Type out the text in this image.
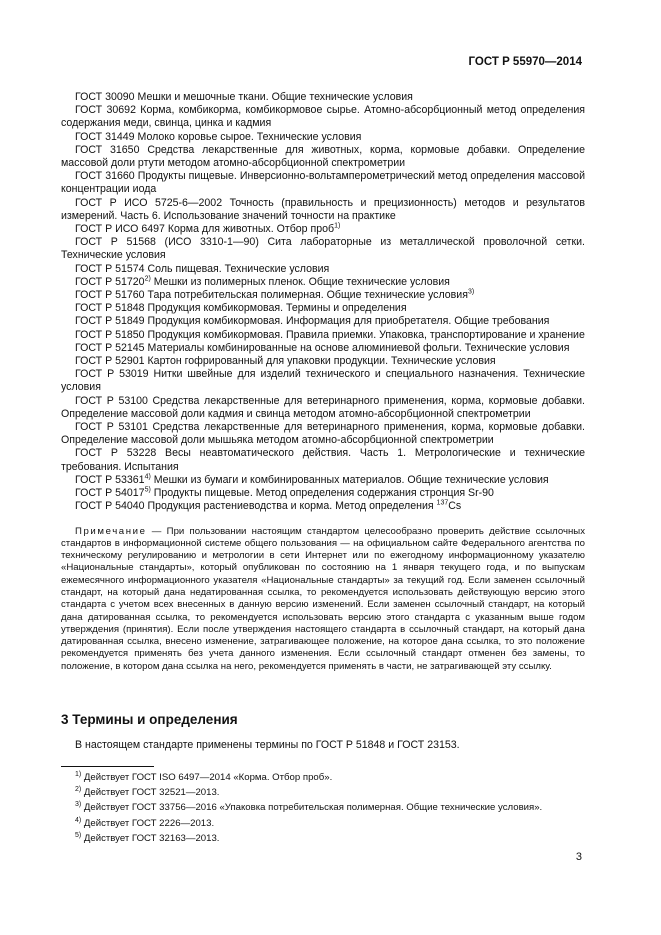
ГОСТ Р 55970—2014

ГОСТ 30090 Мешки и мешочные ткани. Общие технические условия

ГОСТ 30692 Корма, комбикорма, комбикормовое сырье. Атомно-абсорбционный метод определения содержания меди, свинца, цинка и кадмия

ГОСТ 31449 Молоко коровье сырое. Технические условия

ГОСТ 31650 Средства лекарственные для животных, корма, кормовые добавки. Определение массовой доли ртути методом атомно-абсорбционной спектрометрии

ГОСТ 31660 Продукты пищевые. Инверсионно-вольтамперометрический метод определения массовой концентрации иода

ГОСТ Р ИСО 5725-6—2002 Точность (правильность и прецизионность) методов и результатов измерений. Часть 6. Использование значений точности на практике

ГОСТ Р ИСО 6497 Корма для животных. Отбор проб$^{1)}$

ГОСТ Р 51568 (ИСО 3310-1—90) Сита лабораторные из металлической проволочной сетки. Технические условия

ГОСТ Р 51574 Соль пищевая. Технические условия

ГОСТ Р 51720$^{2)}$ Мешки из полимерных пленок. Общие технические условия

ГОСТ Р 51760 Тара потребительская полимерная. Общие технические условия$^{3)}$

ГОСТ Р 51848 Продукция комбикормовая. Термины и определения

ГОСТ Р 51849 Продукция комбикормовая. Информация для приобретателя. Общие требования

ГОСТ Р 51850 Продукция комбикормовая. Правила приемки. Упаковка, транспортирование и хранение

ГОСТ Р 52145 Материалы комбинированные на основе алюминиевой фольги. Технические условия

ГОСТ Р 52901 Картон гофрированный для упаковки продукции. Технические условия

ГОСТ Р 53019 Нитки швейные для изделий технического и специального назначения. Технические условия

ГОСТ Р 53100 Средства лекарственные для ветеринарного применения, корма, кормовые добавки. Определение массовой доли кадмия и свинца методом атомно-абсорбционной спектрометрии

ГОСТ Р 53101 Средства лекарственные для ветеринарного применения, корма, кормовые добавки. Определение массовой доли мышьяка методом атомно-абсорбционной спектрометрии

ГОСТ Р 53228 Весы неавтоматического действия. Часть 1. Метрологические и технические требования. Испытания

ГОСТ Р 53361$^{4)}$ Мешки из бумаги и комбинированных материалов. Общие технические условия

ГОСТ Р 54017$^{5)}$ Продукты пищевые. Метод определения содержания стронция Sr-90

ГОСТ Р 54040 Продукция растениеводства и корма. Метод определения $^{137}$Cs

Примечание — При пользовании настоящим стандартом целесообразно проверить действие ссылочных стандартов в информационной системе общего пользования — на официальном сайте Федерального агентства по техническому регулированию и метрологии в сети Интернет или по ежегодному информационному указателю «Национальные стандарты», который опубликован по состоянию на 1 января текущего года, и по выпускам ежемесячного информационного указателя «Национальные стандарты» за текущий год. Если заменен ссылочный стандарт, на который дана недатированная ссылка, то рекомендуется использовать действующую версию этого стандарта с учетом всех внесенных в данную версию изменений. Если заменен ссылочный стандарт, на который дана датированная ссылка, то рекомендуется использовать версию этого стандарта с указанным выше годом утверждения (принятия). Если после утверждения настоящего стандарта в ссылочный стандарт, на который дана датированная ссылка, внесено изменение, затрагивающее положение, на которое дана ссылка, то это положение рекомендуется применять без учета данного изменения. Если ссылочный стандарт отменен без замены, то положение, в котором дана ссылка на него, рекомендуется применять в части, не затрагивающей эту ссылку.

3 Термины и определения

В настоящем стандарте применены термины по ГОСТ Р 51848 и ГОСТ 23153.

$^{1)}$ Действует ГОСТ ISO 6497—2014 «Корма. Отбор проб».

$^{2)}$ Действует ГОСТ 32521—2013.

$^{3)}$ Действует ГОСТ 33756—2016 «Упаковка потребительская полимерная. Общие технические условия».

$^{4)}$ Действует ГОСТ 2226—2013.

$^{5)}$ Действует ГОСТ 32163—2013.

3
